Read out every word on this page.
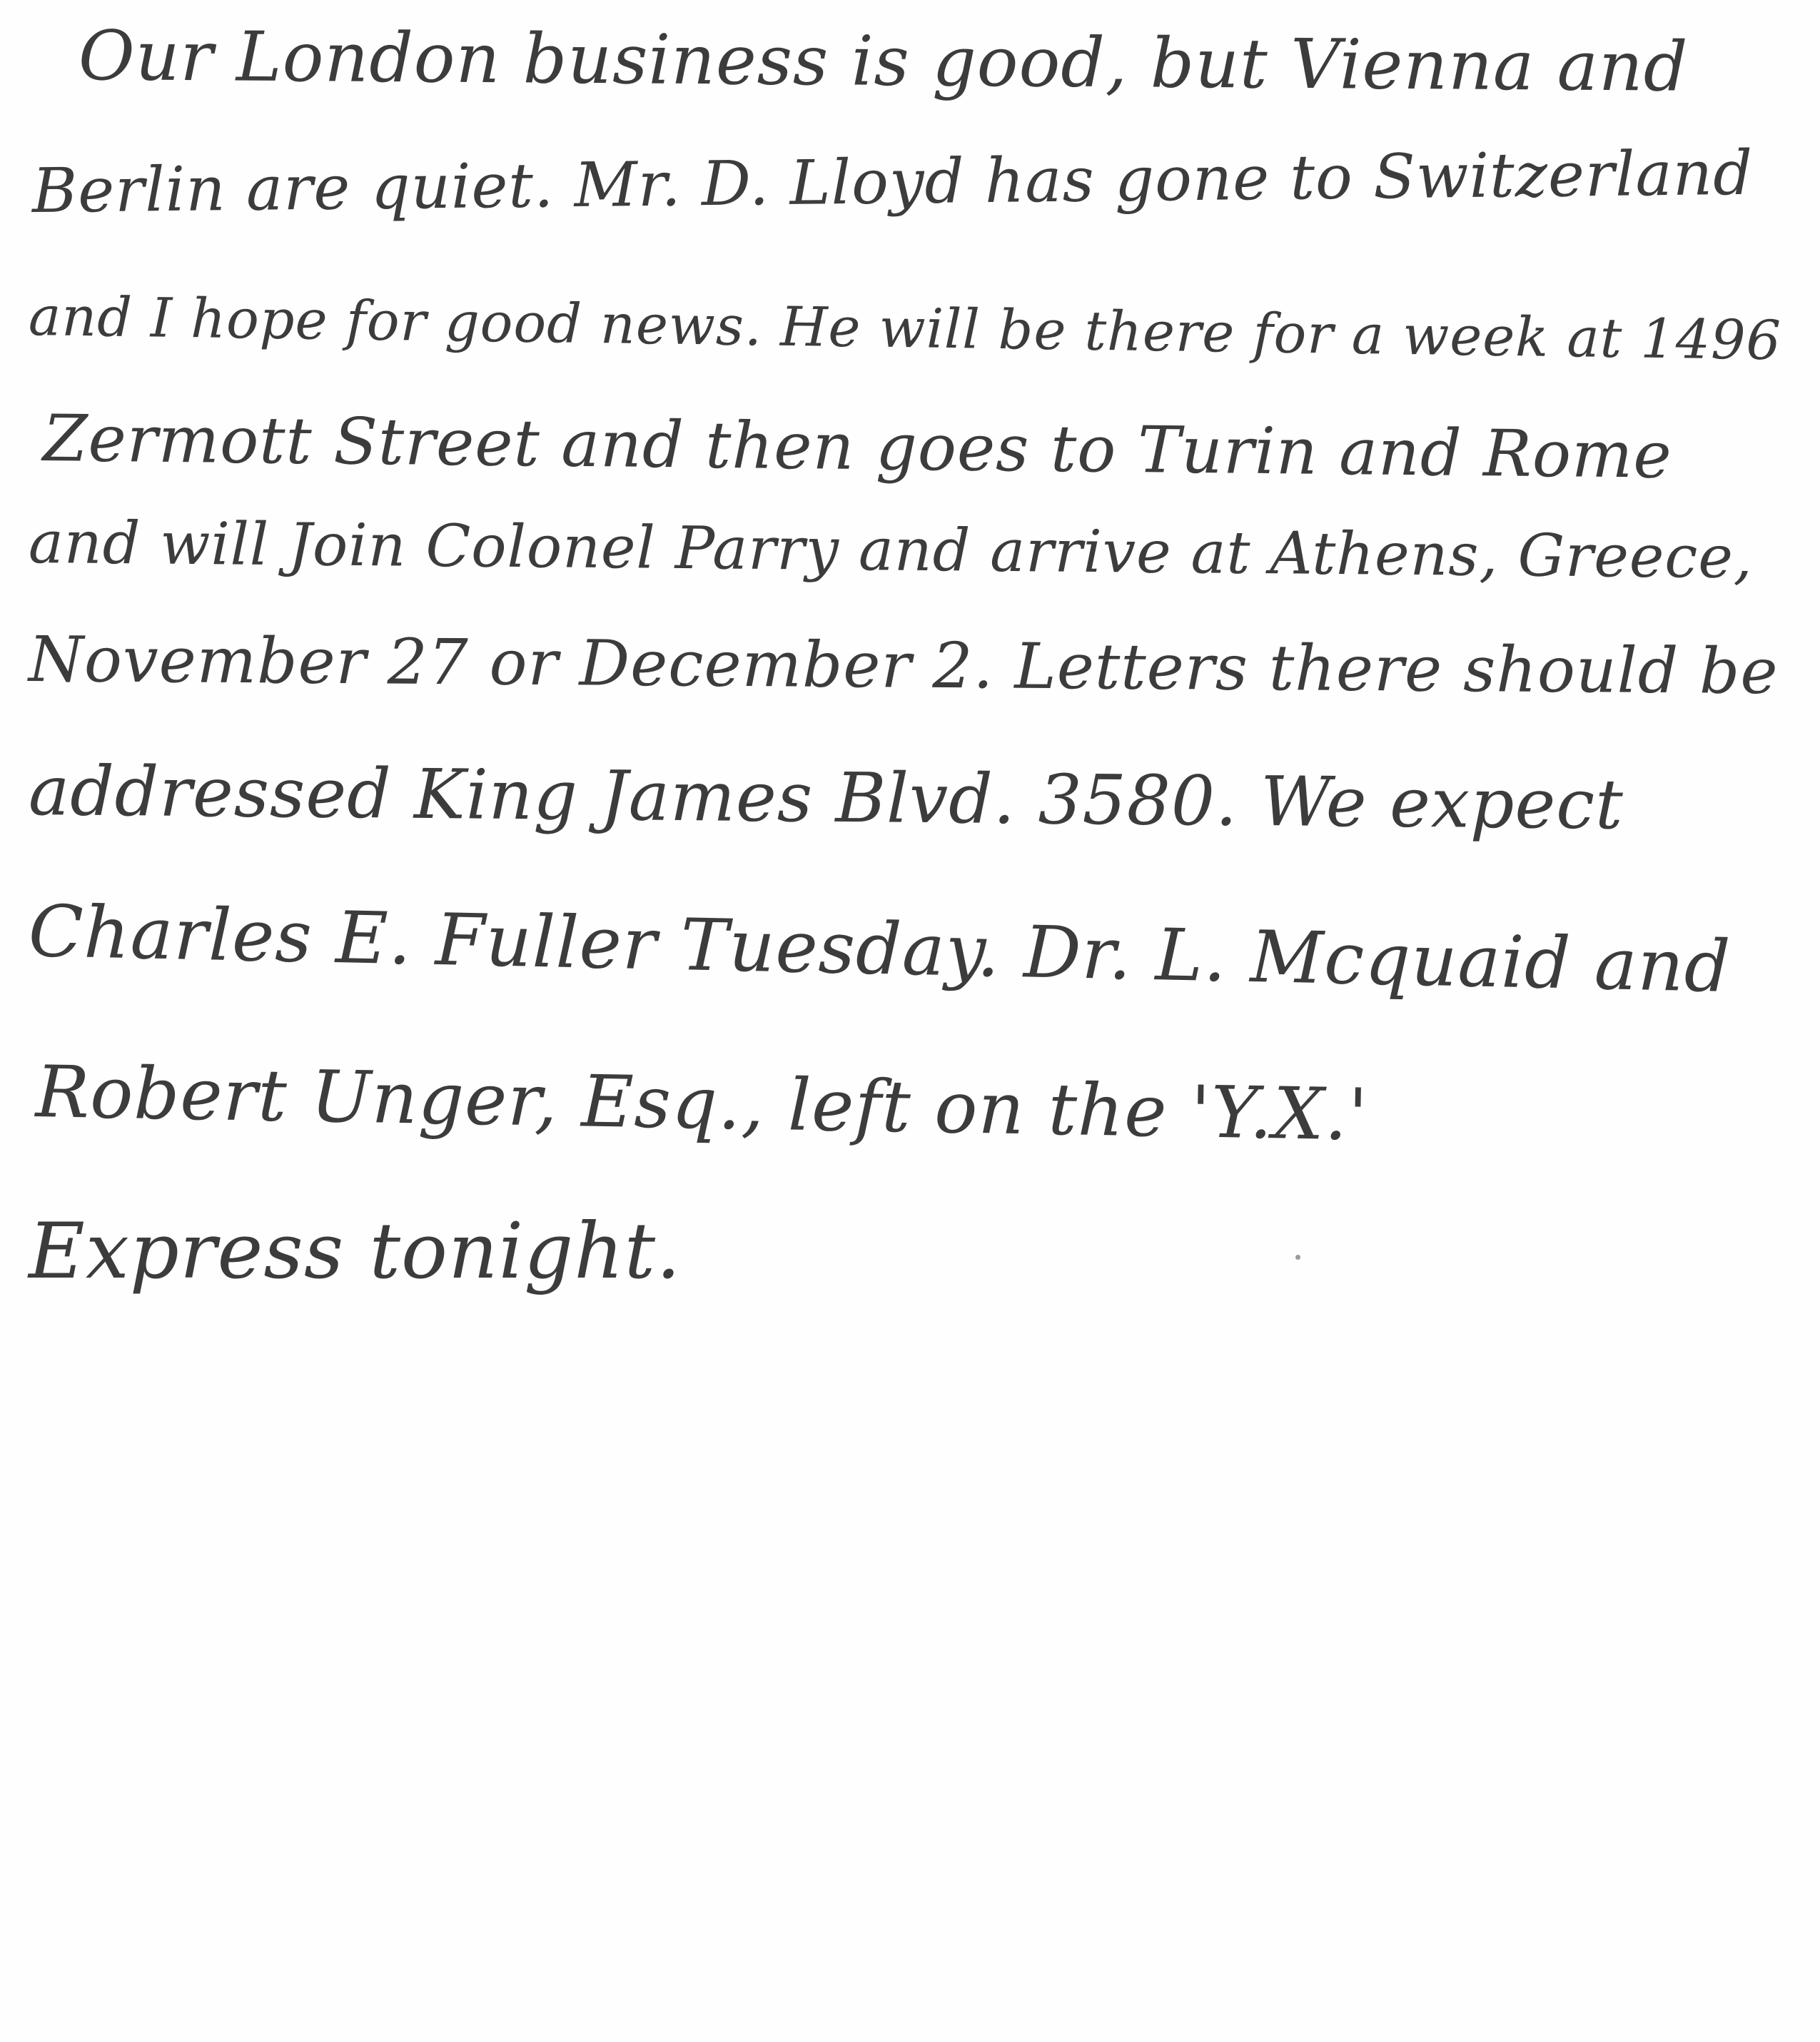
Our London business is good, but Vienna and
Berlin are quiet. Mr. D. Lloyd has gone to Switzerland
and I hope for good news. He will be there for a week at 1496
Zermott Street and then goes to Turin and Rome
and will Join Colonel Parry and arrive at Athens, Greece,
November 27 or December 2. Letters there should be
addressed King James Blvd. 3580. We expect
Charles E. Fuller Tuesday. Dr. L. Mcquaid and
Robert Unger, Esq., left on the 'Y.X.'
Express tonight.
